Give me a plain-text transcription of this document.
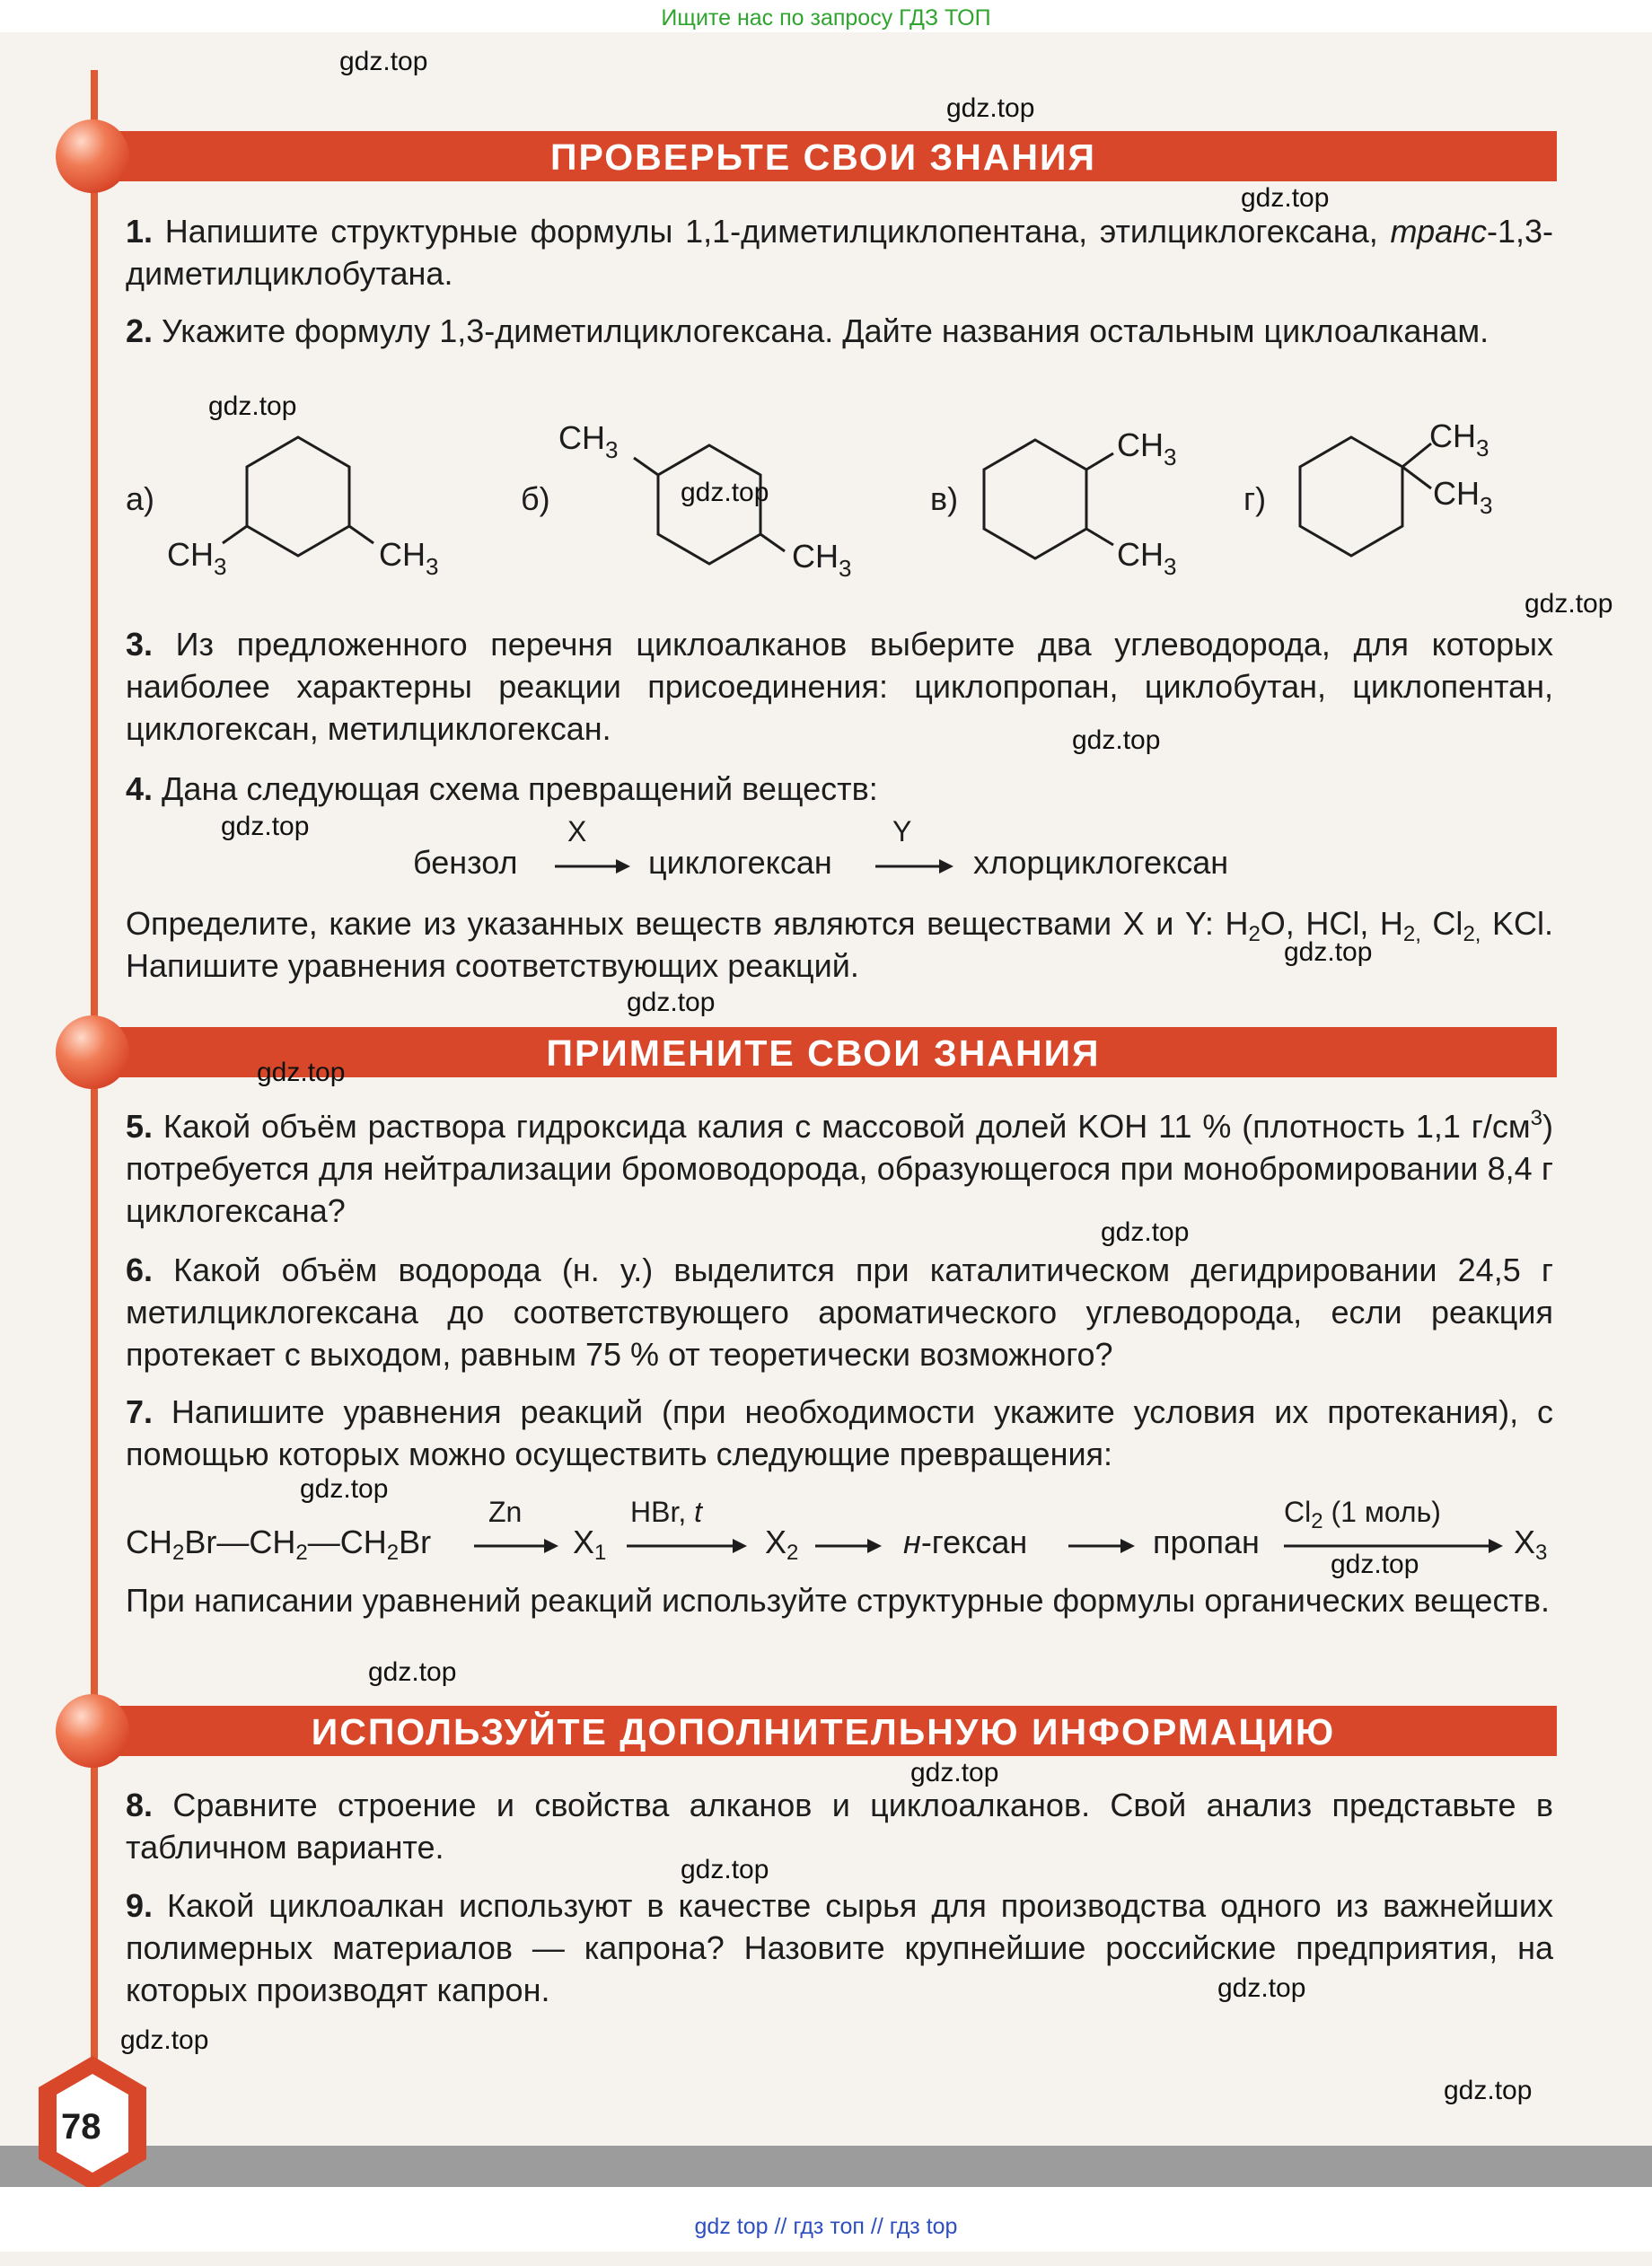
Ищите нас по запросу ГДЗ ТОП
ПРОВЕРЬТЕ СВОИ ЗНАНИЯ
1. Напишите структурные формулы 1,1-диметилциклопентана, этилциклогексана, транс-1,3-диметилциклобутана.
2. Укажите формулу 1,3-диметилциклогексана. Дайте названия остальным циклоалканам.
а)	б)	в)	г)
$CH_3$	$CH_3$
$CH_3$
$CH_3$
$CH_3$
$CH_3$
$CH_3$
$CH_3$
3. Из предложенного перечня циклоалканов выберите два углеводорода, для которых наиболее характерны реакции присоединения: циклопропан, циклобутан, циклопентан, циклогексан, метилциклогексан.
4. Дана следующая схема превращений веществ:
бензол
X
циклогексан
Y
хлорциклогексан
Определите, какие из указанных веществ являются веществами X и Y: $H_2O$, HCl, $H_{2,}$ $Cl_{2,}$ KCl. Напишите уравнения соответствующих реакций.
ПРИМЕНИТЕ СВОИ ЗНАНИЯ
5. Какой объём раствора гидроксида калия с массовой долей KOH 11 % (плотность 1,1 $г/см^3$) потребуется для нейтрализации бромоводорода, образующегося при монобромировании 8,4 г циклогексана?
6. Какой объём водорода (н. у.) выделится при каталитическом дегидрировании 24,5 г метилциклогексана до соответствующего ароматического углеводорода, если реакция протекает с выходом, равным 75 % от теоретически возможного?
7. Напишите уравнения реакций (при необходимости укажите условия их протекания), с помощью которых можно осуществить следующие превращения:
$CH_2Br—CH_2—CH_2Br$
Zn
$X_1$
HBr, t
$X_2$	н-гексан	пропан
$Cl_2$ (1 моль)
$X_3$
При написании уравнений реакций используйте структурные формулы органических веществ.
ИСПОЛЬЗУЙТЕ ДОПОЛНИТЕЛЬНУЮ ИНФОРМАЦИЮ
8. Сравните строение и свойства алканов и циклоалканов. Свой анализ представьте в табличном варианте.
9. Какой циклоалкан используют в качестве сырья для производства одного из важнейших полимерных материалов — капрона? Назовите крупнейшие российские предприятия, на которых производят капрон.
78
gdz top // гдз топ // гдз top
gdz.top
gdz.top
gdz.top
gdz.top
gdz.top
gdz.top
gdz.top
gdz.top
gdz.top
gdz.top
gdz.top
gdz.top
gdz.top
gdz.top
gdz.top
gdz.top
gdz.top
gdz.top
gdz.top
gdz.top
